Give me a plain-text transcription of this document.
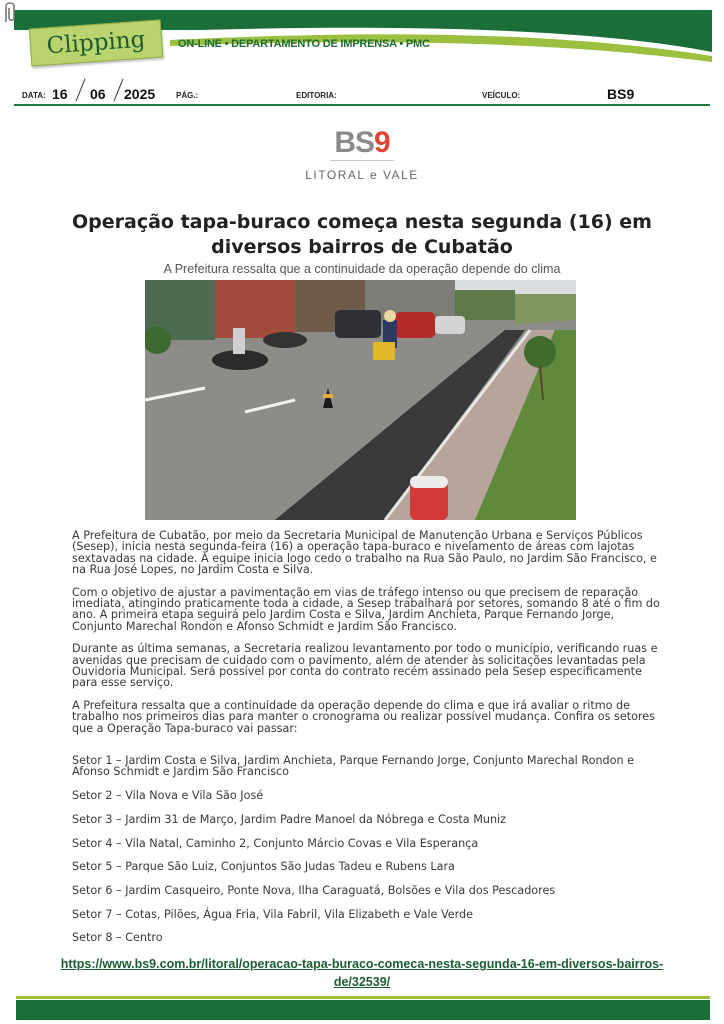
Clipping	ON-LINE • DEPARTAMENTO DE IMPRENSA • PMC
DATA: 16 06 2025	PÁG.:	EDITORIA:	VEÍCULO:	BS9
BS9
LITORAL e VALE
Operação tapa-buraco começa nesta segunda (16) em diversos bairros de Cubatão
A Prefeitura ressalta que a continuidade da operação depende do clima

A Prefeitura de Cubatão, por meio da Secretaria Municipal de Manutenção Urbana e Serviços Públicos (Sesep), inicia nesta segunda-feira (16) a operação tapa-buraco e nivelamento de áreas com lajotas sextavadas na cidade. A equipe inicia logo cedo o trabalho na Rua São Paulo, no Jardim São Francisco, e na Rua José Lopes, no Jardim Costa e Silva.

Com o objetivo de ajustar a pavimentação em vias de tráfego intenso ou que precisem de reparação imediata, atingindo praticamente toda a cidade, a Sesep trabalhará por setores, somando 8 até o fim do ano. A primeira etapa seguirá pelo Jardim Costa e Silva, Jardim Anchieta, Parque Fernando Jorge, Conjunto Marechal Rondon e Afonso Schmidt e Jardim São Francisco.

Durante as última semanas, a Secretaria realizou levantamento por todo o município, verificando ruas e avenidas que precisam de cuidado com o pavimento, além de atender às solicitações levantadas pela Ouvidoria Municipal. Será possível por conta do contrato recém assinado pela Sesep especificamente para esse serviço.

A Prefeitura ressalta que a continuidade da operação depende do clima e que irá avaliar o ritmo de trabalho nos primeiros dias para manter o cronograma ou realizar possível mudança. Confira os setores que a Operação Tapa-buraco vai passar:

Setor 1 – Jardim Costa e Silva, Jardim Anchieta, Parque Fernando Jorge, Conjunto Marechal Rondon e Afonso Schmidt e Jardim São Francisco
Setor 2 – Vila Nova e Vila São José
Setor 3 – Jardim 31 de Março, Jardim Padre Manoel da Nóbrega e Costa Muniz
Setor 4 – Vila Natal, Caminho 2, Conjunto Márcio Covas e Vila Esperança
Setor 5 – Parque São Luiz, Conjuntos São Judas Tadeu e Rubens Lara
Setor 6 – Jardim Casqueiro, Ponte Nova, Ilha Caraguatá, Bolsões e Vila dos Pescadores
Setor 7 – Cotas, Pilões, Água Fria, Vila Fabril, Vila Elizabeth e Vale Verde
Setor 8 – Centro
https://www.bs9.com.br/litoral/operacao-tapa-buraco-comeca-nesta-segunda-16-em-diversos-bairros-de/32539/
